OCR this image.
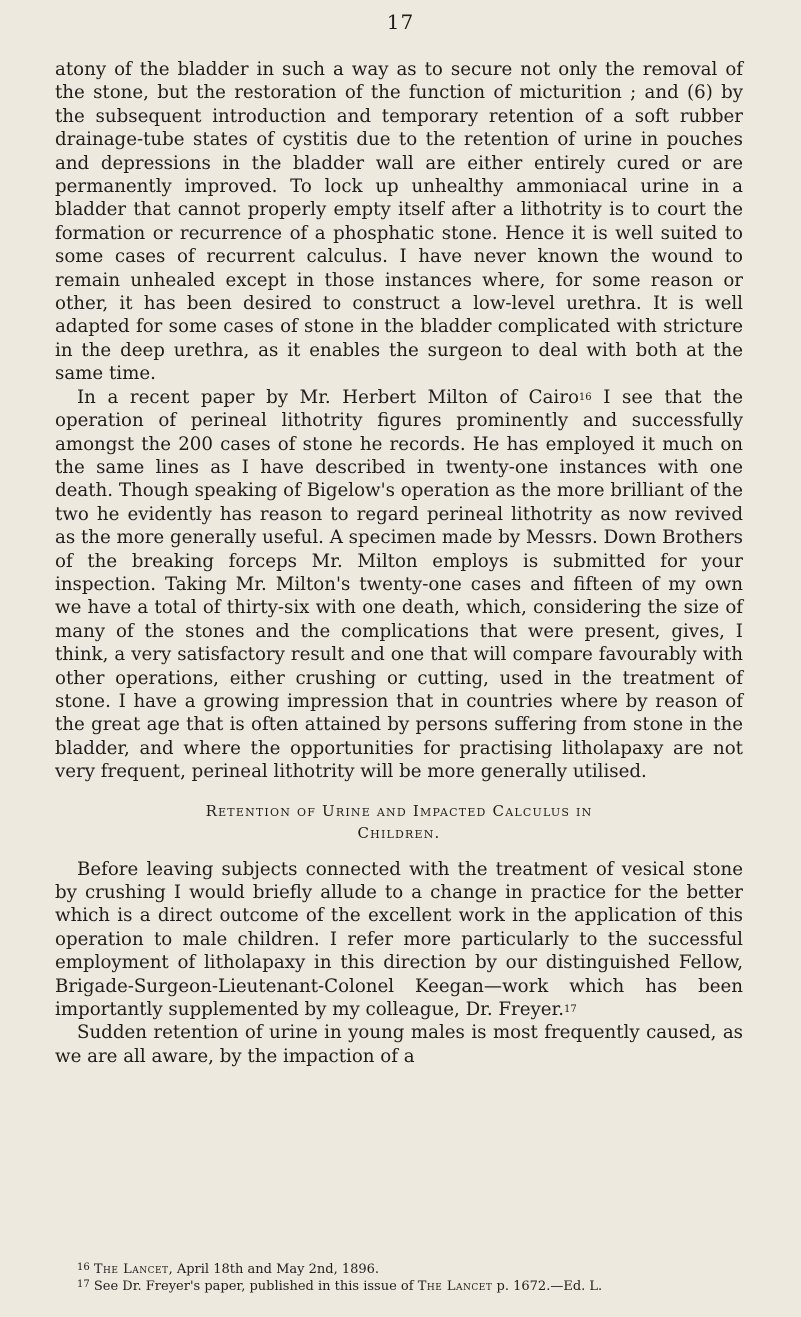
17

atony of the bladder in such a way as to secure not only the removal of the stone, but the restoration of the function of micturition ; and (6) by the subsequent introduction and temporary retention of a soft rubber drainage-tube states of cystitis due to the retention of urine in pouches and depressions in the bladder wall are either entirely cured or are permanently improved. To lock up unhealthy ammoniacal urine in a bladder that cannot properly empty itself after a lithotrity is to court the formation or recurrence of a phosphatic stone. Hence it is well suited to some cases of recurrent calculus. I have never known the wound to remain unhealed except in those instances where, for some reason or other, it has been desired to construct a low-level urethra. It is well adapted for some cases of stone in the bladder complicated with stricture in the deep urethra, as it enables the surgeon to deal with both at the same time.

In a recent paper by Mr. Herbert Milton of Cairo$^{16}$ I see that the operation of perineal lithotrity figures prominently and successfully amongst the 200 cases of stone he records. He has employed it much on the same lines as I have described in twenty-one instances with one death. Though speaking of Bigelow's operation as the more brilliant of the two he evidently has reason to regard perineal lithotrity as now revived as the more generally useful. A specimen made by Messrs. Down Brothers of the breaking forceps Mr. Milton employs is submitted for your inspection. Taking Mr. Milton's twenty-one cases and fifteen of my own we have a total of thirty-six with one death, which, considering the size of many of the stones and the complications that were present, gives, I think, a very satisfactory result and one that will compare favourably with other operations, either crushing or cutting, used in the treatment of stone. I have a growing impression that in countries where by reason of the great age that is often attained by persons suffering from stone in the bladder, and where the opportunities for practising litholapaxy are not very frequent, perineal lithotrity will be more generally utilised.

Retention of Urine and Impacted Calculus in
Children.

Before leaving subjects connected with the treatment of vesical stone by crushing I would briefly allude to a change in practice for the better which is a direct outcome of the excellent work in the application of this operation to male children. I refer more particularly to the successful employment of litholapaxy in this direction by our distinguished Fellow, Brigade-Surgeon-Lieutenant-Colonel Keegan—work which has been importantly supplemented by my colleague, Dr. Freyer.$^{17}$

Sudden retention of urine in young males is most frequently caused, as we are all aware, by the impaction of a

$^{16}$ The Lancet, April 18th and May 2nd, 1896.

$^{17}$ See Dr. Freyer's paper, published in this issue of The Lancet p. 1672.—Ed. L.
